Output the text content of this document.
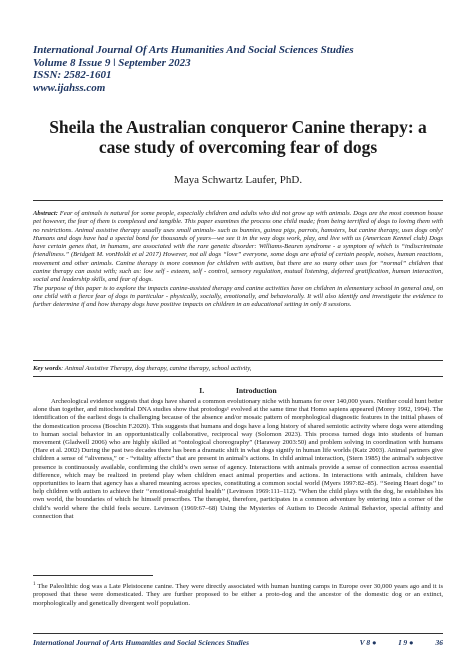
International Journal Of Arts Humanities And Social Sciences Studies
Volume 8 Issue 9 ǀ September 2023
ISSN: 2582-1601
www.ijahss.com
Sheila the Australian conqueror Canine therapy: a
case study of overcoming fear of dogs
Maya Schwartz Laufer, PhD.

Abstract: Fear of animals is natural for some people, especially children and adults who did not grow up with animals. Dogs are the most common house pet however, the fear of them is complexed and tangible. This paper examines the process one child made; from being terrified of dogs to loving them with no restrictions. Animal assistive therapy usually uses small animals- such as bunnies, guinea pigs, parrots, hamsters, but canine therapy, uses dogs only! Humans and dogs have had a special bond for thousands of years—we see it in the way dogs work, play, and live with us (American Kennel club) Dogs have certain genes that, in humans, are associated with the rare genetic disorder: Williams-Beuren syndrome - a symptom of which is “indiscriminate friendliness.” (Bridgett M. vonHoldt et al 2017) However, not all dogs “love” everyone, some dogs are afraid of certain people, noises, human reactions, movement and other animals. Canine therapy is more common for children with autism, but there are so many other uses for “normal” children that canine therapy can assist with; such as: low self - esteem, self - control, sensory regulation, mutual listening, deferred gratification, human interaction, social and leadership skills, and fear of dogs.

The purpose of this paper is to explore the impacts canine-assisted therapy and canine activities have on children in elementary school in general and, on one child with a fierce fear of dogs in particular - physically, socially, emotionally, and behaviorally. It will also identify and investigate the evidence to further determine if and how therapy dogs have positive impacts on children in an educational setting in only 8 sessions.

Key words: Animal Assistive Therapy, dog therapy, canine therapy, school activity,
I.	Introduction

Archeological evidence suggests that dogs have shared a common evolutionary niche with humans for over 140,000 years. Neither could hunt better alone than together, and mitochondrial DNA studies show that protodogs¹ evolved at the same time that Homo sapiens appeared (Morey 1992, 1994). The identification of the earliest dogs is challenging because of the absence and/or mosaic pattern of morphological diagnostic features in the initial phases of the domestication process (Boschin F.2020). This suggests that humans and dogs have a long history of shared semiotic activity where dogs were attending to human social behavior in an opportunistically collaborative, reciprocal way (Solomon 2023). This process turned dogs into students of human movement (Gladwell 2006) who are highly skilled at “ontological choreography” (Haraway 2003:50) and problem solving in coordination with humans (Hare et al. 2002) During the past two decades there has been a dramatic shift in what dogs signify in human life worlds (Katz 2003). Animal partners give children a sense of “aliveness,” or - “vitality affects” that are present in animal’s actions. In child animal interaction, (Stern 1985) the animal’s subjective presence is continuously available, confirming the child’s own sense of agency. Interactions with animals provide a sense of connection across essential difference, which may be realized in pretend play when children enact animal properties and actions. In interactions with animals, children have opportunities to learn that agency has a shared meaning across species, constituting a common social world (Myers 1997:82–85). ‘‘Seeing Heart dogs’’ to help children with autism to achieve their ‘‘emotional-insightful health’’ (Levinson 1969:111–112). “When the child plays with the dog, he establishes his own world, the boundaries of which he himself prescribes. The therapist, therefore, participates in a common adventure by entering into a corner of the child’s world where the child feels secure. Levinson (1969:67–68) Using the Mysteries of Autism to Decode Animal Behavior, special affinity and connection that

$^1$ The Paleolithic dog was a Late Pleistocene canine. They were directly associated with human hunting camps in Europe over 30,000 years ago and it is proposed that these were domesticated. They are further proposed to be either a proto-dog and the ancestor of the domestic dog or an extinct, morphologically and genetically divergent wolf population.

International Journal of Arts Humanities and Social Sciences Studies	V 8 ●	I 9 ●	36
